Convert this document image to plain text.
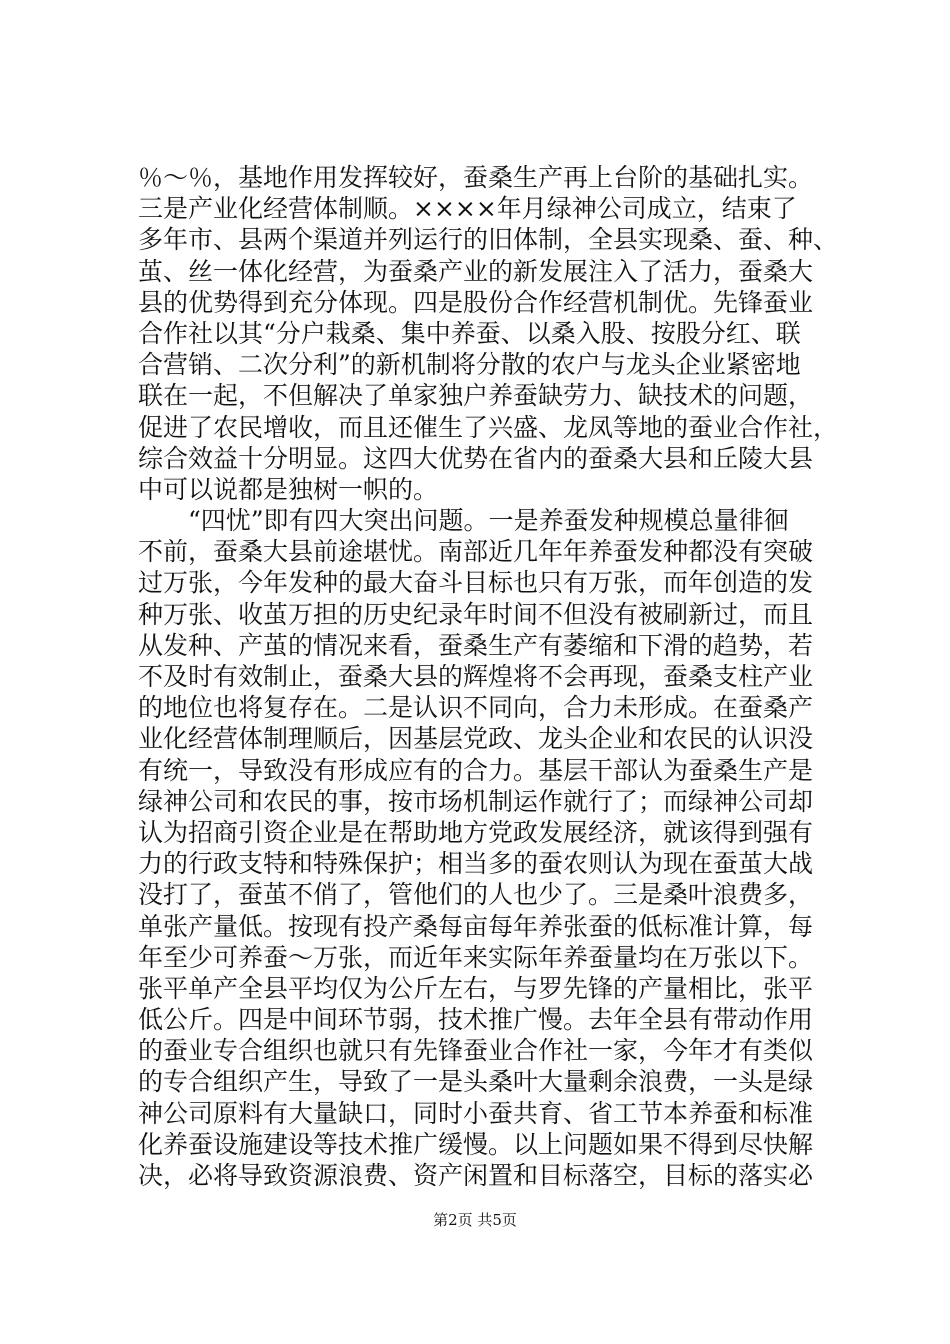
％～％，基地作用发挥较好，蚕桑生产再上台阶的基础扎实。
三是产业化经营体制顺。××××年月绿神公司成立，结束了
多年市、县两个渠道并列运行的旧体制，全县实现桑、蚕、种、
茧、丝一体化经营，为蚕桑产业的新发展注入了活力，蚕桑大
县的优势得到充分体现。四是股份合作经营机制优。先锋蚕业
合作社以其“分户栽桑、集中养蚕、以桑入股、按股分红、联
合营销、二次分利”的新机制将分散的农户与龙头企业紧密地
联在一起，不但解决了单家独户养蚕缺劳力、缺技术的问题，
促进了农民增收，而且还催生了兴盛、龙凤等地的蚕业合作社，
综合效益十分明显。这四大优势在省内的蚕桑大县和丘陵大县
中可以说都是独树一帜的。
“四忧”即有四大突出问题。一是养蚕发种规模总量徘徊
不前，蚕桑大县前途堪忧。南部近几年年养蚕发种都没有突破
过万张，今年发种的最大奋斗目标也只有万张，而年创造的发
种万张、收茧万担的历史纪录年时间不但没有被刷新过，而且
从发种、产茧的情况来看，蚕桑生产有萎缩和下滑的趋势，若
不及时有效制止，蚕桑大县的辉煌将不会再现，蚕桑支柱产业
的地位也将复存在。二是认识不同向，合力未形成。在蚕桑产
业化经营体制理顺后，因基层党政、龙头企业和农民的认识没
有统一，导致没有形成应有的合力。基层干部认为蚕桑生产是
绿神公司和农民的事，按市场机制运作就行了；而绿神公司却
认为招商引资企业是在帮助地方党政发展经济，就该得到强有
力的行政支特和特殊保护；相当多的蚕农则认为现在蚕茧大战
没打了，蚕茧不俏了，管他们的人也少了。三是桑叶浪费多，
单张产量低。按现有投产桑每亩每年养张蚕的低标准计算，每
年至少可养蚕～万张，而近年来实际年养蚕量均在万张以下。
张平单产全县平均仅为公斤左右，与罗先锋的产量相比，张平
低公斤。四是中间环节弱，技术推广慢。去年全县有带动作用
的蚕业专合组织也就只有先锋蚕业合作社一家，今年才有类似
的专合组织产生，导致了一是头桑叶大量剩余浪费，一头是绿
神公司原料有大量缺口，同时小蚕共育、省工节本养蚕和标准
化养蚕设施建设等技术推广缓慢。以上问题如果不得到尽快解
决，必将导致资源浪费、资产闲置和目标落空，目标的落实必
第2页 共5页
